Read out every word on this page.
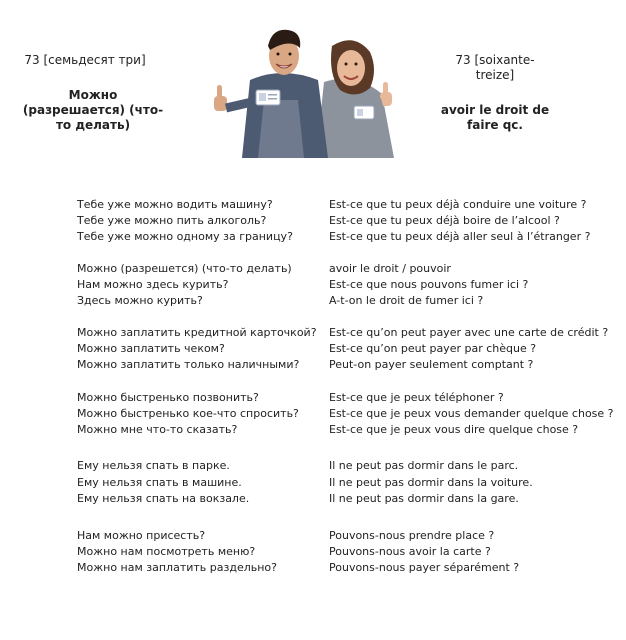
73 [семьдесят три]	73 [soixante-
treize]
Можно
(разрешается) (что-
то делать)
avoir le droit de
faire qc.
Тебе уже можно водить машину?	Est-ce que tu peux déjà conduire une voiture ?
Тебе уже можно пить алкоголь?	Est-ce que tu peux déjà boire de l’alcool ?
Тебе уже можно одному за границу?	Est-ce que tu peux déjà aller seul à l’étranger ?
Можно (разрешется) (что-то делать)	avoir le droit / pouvoir
Нам можно здесь курить?	Est-ce que nous pouvons fumer ici ?
Здесь можно курить?	A-t-on le droit de fumer ici ?
Можно заплатить кредитной карточкой? Est-ce qu’on peut payer avec une carte de crédit ?
Можно заплатить чеком?	Est-ce qu’on peut payer par chèque ?
Можно заплатить только наличными?	Peut-on payer seulement comptant ?
Можно быстренько позвонить?	Est-ce que je peux téléphoner ?
Можно быстренько кое-что спросить?	Est-ce que je peux vous demander quelque chose ?
Можно мне что-то сказать?	Est-ce que je peux vous dire quelque chose ?
Ему нельзя спать в парке.	Il ne peut pas dormir dans le parc.
Ему нельзя спать в машине.	Il ne peut pas dormir dans la voiture.
Ему нельзя спать на вокзале.	Il ne peut pas dormir dans la gare.
Нам можно присесть?	Pouvons-nous prendre place ?
Можно нам посмотреть меню?	Pouvons-nous avoir la carte ?
Можно нам заплатить раздельно?	Pouvons-nous payer séparément ?
